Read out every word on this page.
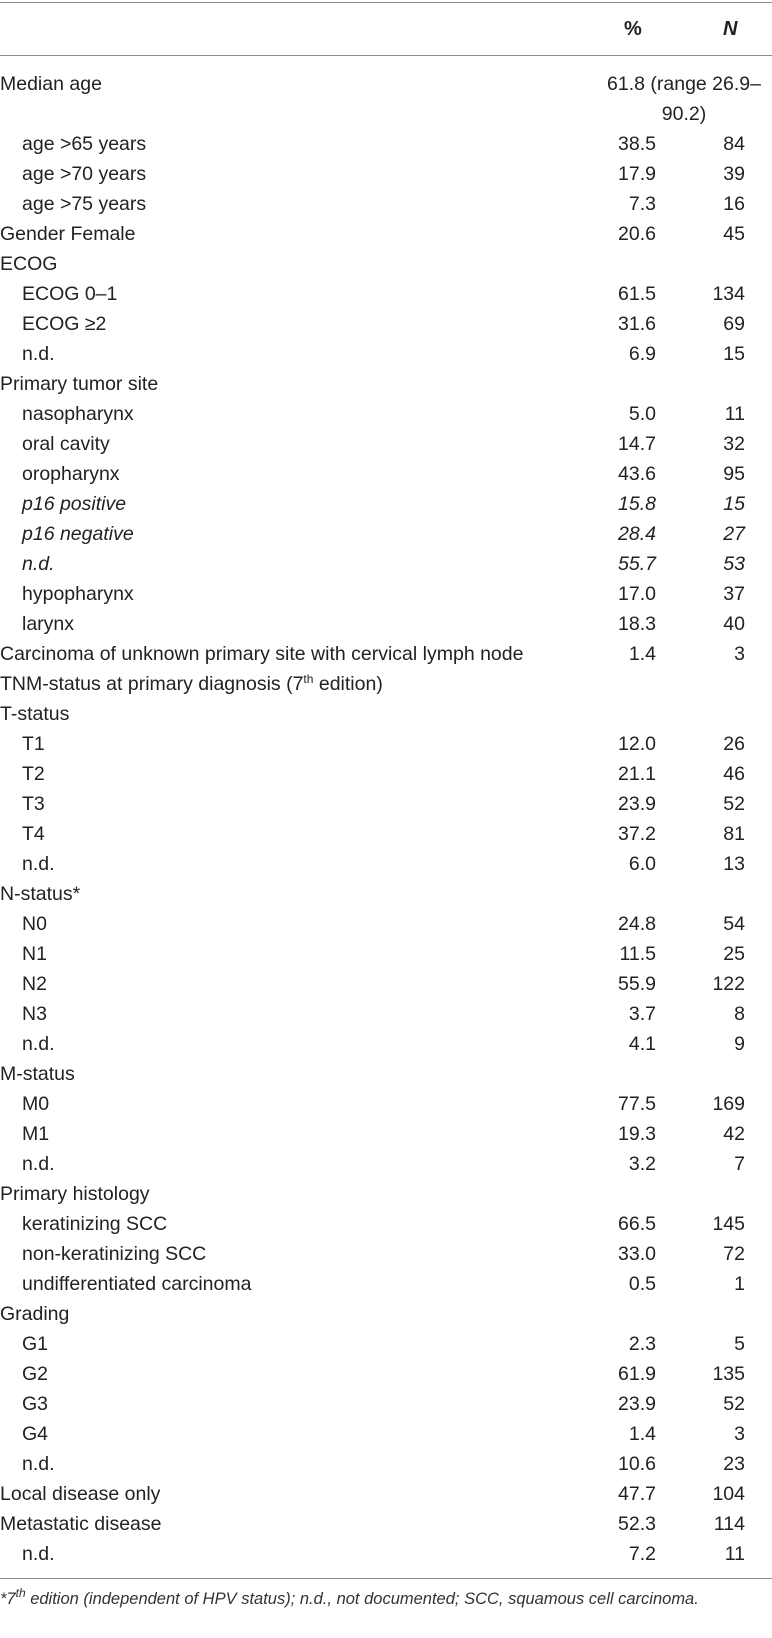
%	N
Median age	61.8 (range 26.9–90.2)
age >65 years	38.5	84
age >70 years	17.9	39
age >75 years	7.3	16
Gender Female	20.6	45
ECOG
ECOG 0–1	61.5	134
ECOG ≥2	31.6	69
n.d.	6.9	15
Primary tumor site
nasopharynx	5.0	11
oral cavity	14.7	32
oropharynx	43.6	95
p16 positive	15.8	15
p16 negative	28.4	27
n.d.	55.7	53
hypopharynx	17.0	37
larynx	18.3	40
Carcinoma of unknown primary site with cervical lymph node	1.4	3
TNM-status at primary diagnosis (7th edition)
T-status
T1	12.0	26
T2	21.1	46
T3	23.9	52
T4	37.2	81
n.d.	6.0	13
N-status*
N0	24.8	54
N1	11.5	25
N2	55.9	122
N3	3.7	8
n.d.	4.1	9
M-status
M0	77.5	169
M1	19.3	42
n.d.	3.2	7
Primary histology
keratinizing SCC	66.5	145
non-keratinizing SCC	33.0	72
undifferentiated carcinoma	0.5	1
Grading
G1	2.3	5
G2	61.9	135
G3	23.9	52
G4	1.4	3
n.d.	10.6	23
Local disease only	47.7	104
Metastatic disease	52.3	114
n.d.	7.2	11
*7th edition (independent of HPV status); n.d., not documented; SCC, squamous cell carcinoma.
